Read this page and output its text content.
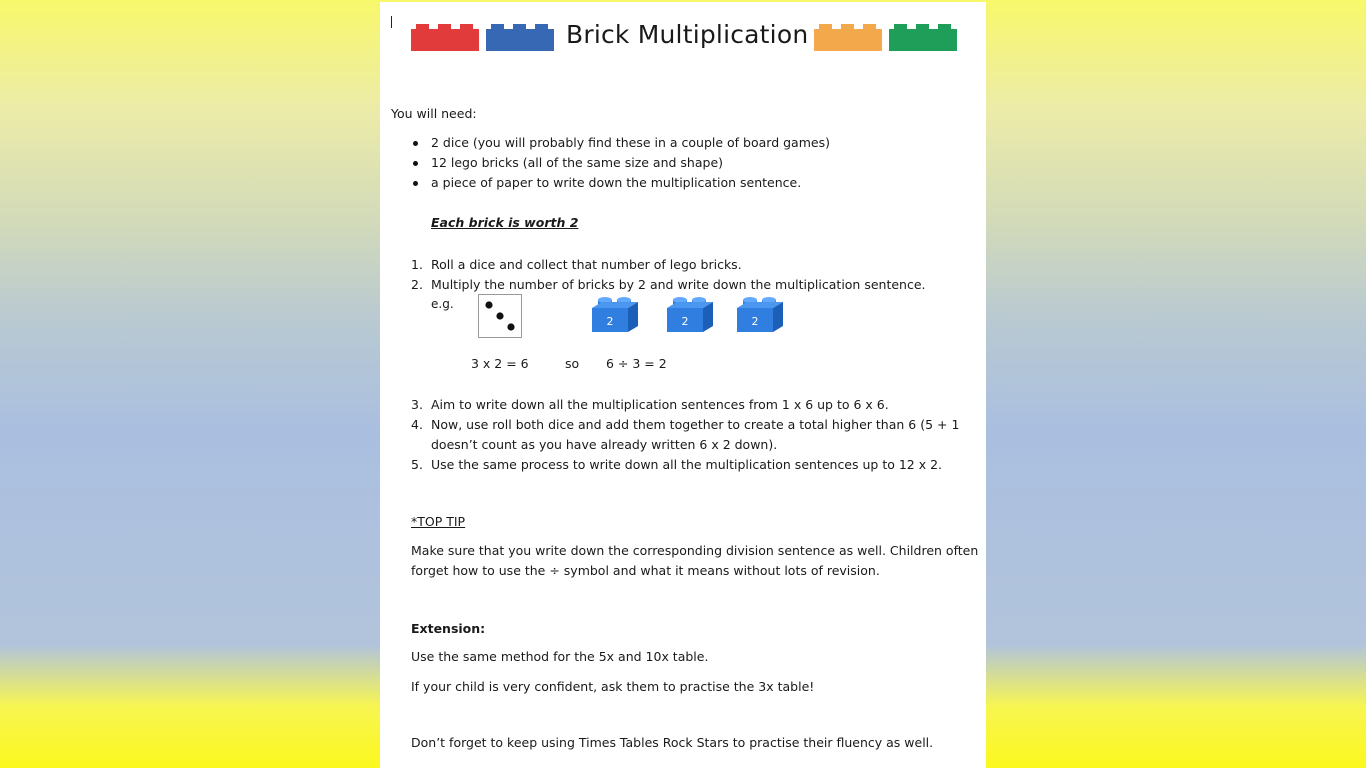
Brick Multiplication
You will need:
2 dice (you will probably find these in a couple of board games)
12 lego bricks (all of the same size and shape)
a piece of paper to write down the multiplication sentence.
Each brick is worth 2
1. Roll a dice and collect that number of lego bricks.
2. Multiply the number of bricks by 2 and write down the multiplication sentence.
e.g.
2	2	2
3 x 2 = 6	so 6 ÷ 3 = 2
3. Aim to write down all the multiplication sentences from 1 x 6 up to 6 x 6.
4. Now, use roll both dice and add them together to create a total higher than 6 (5 + 1
doesn’t count as you have already written 6 x 2 down).
5. Use the same process to write down all the multiplication sentences up to 12 x 2.
*TOP TIP
Make sure that you write down the corresponding division sentence as well. Children often
forget how to use the ÷ symbol and what it means without lots of revision.
Extension:
Use the same method for the 5x and 10x table.
If your child is very confident, ask them to practise the 3x table!
Don’t forget to keep using Times Tables Rock Stars to practise their fluency as well.
